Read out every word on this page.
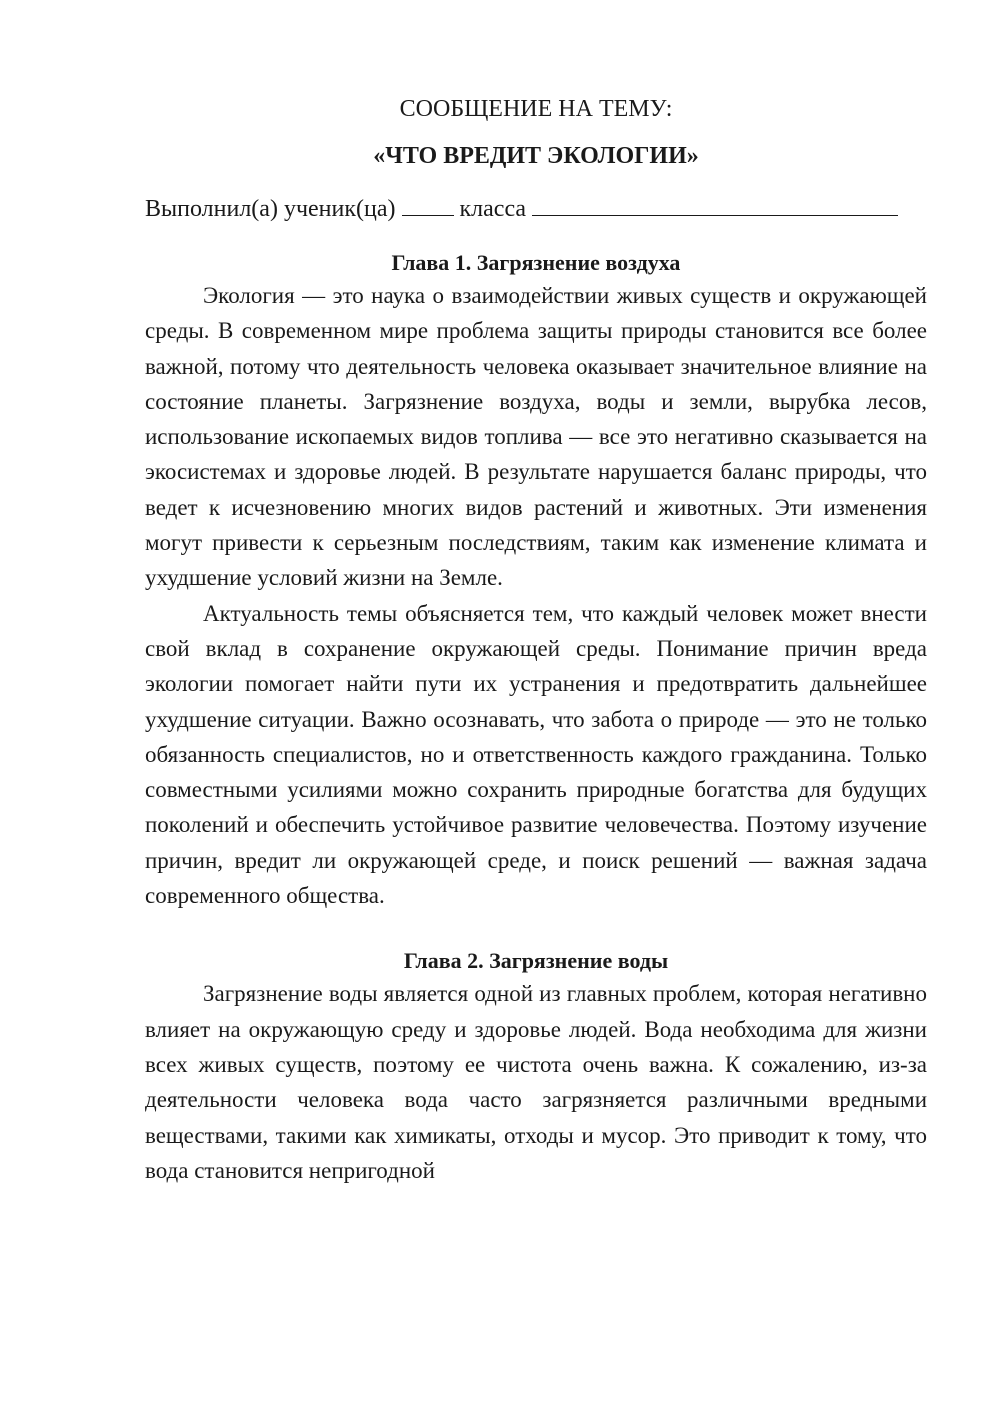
СООБЩЕНИЕ НА ТЕМУ:
«ЧТО ВРЕДИТ ЭКОЛОГИИ»
Выполнил(а) ученик(ца)	класса
Глава 1. Загрязнение воздуха

Экология — это наука о взаимодействии живых существ и окружающей среды. В современном мире проблема защиты природы становится все более важной, потому что деятельность человека оказывает значительное влияние на состояние планеты. Загрязнение воздуха, воды и земли, вырубка лесов, использование ископаемых видов топлива — все это негативно сказывается на экосистемах и здоровье людей. В результате нарушается баланс природы, что ведет к исчезновению многих видов растений и животных. Эти изменения могут привести к серьезным последствиям, таким как изменение климата и ухудшение условий жизни на Земле.

Актуальность темы объясняется тем, что каждый человек может внести свой вклад в сохранение окружающей среды. Понимание причин вреда экологии помогает найти пути их устранения и предотвратить дальнейшее ухудшение ситуации. Важно осознавать, что забота о природе — это не только обязанность специалистов, но и ответственность каждого гражданина. Только совместными усилиями можно сохранить природные богатства для будущих поколений и обеспечить устойчивое развитие человечества. Поэтому изучение причин, вредит ли окружающей среде, и поиск решений — важная задача современного общества.

Глава 2. Загрязнение воды

Загрязнение воды является одной из главных проблем, которая негативно влияет на окружающую среду и здоровье людей. Вода необходима для жизни всех живых существ, поэтому ее чистота очень важна. К сожалению, из-за деятельности человека вода часто загрязняется различными вредными веществами, такими как химикаты, отходы и мусор. Это приводит к тому, что вода становится непригодной
